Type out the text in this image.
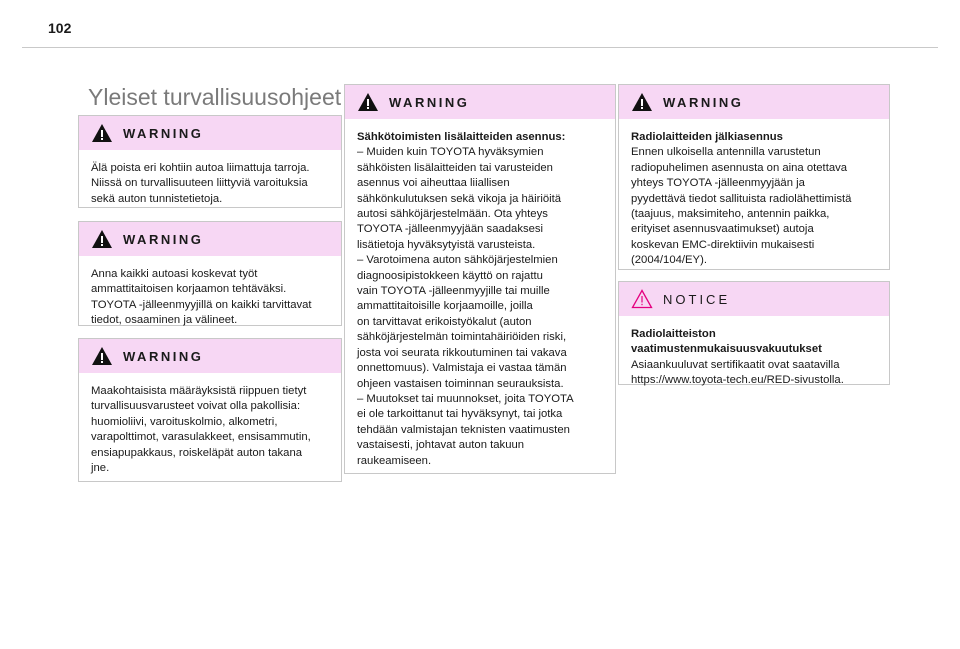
102
Yleiset turvallisuusohjeet
WARNING

Älä poista eri kohtiin autoa liimattuja tarroja.

Niissä on turvallisuuteen liittyviä varoituksia

sekä auton tunnistetietoja.

WARNING

Anna kaikki autoasi koskevat työt

ammattitaitoisen korjaamon tehtäväksi.

TOYOTA -jälleenmyyjillä on kaikki tarvittavat

tiedot, osaaminen ja välineet.

WARNING

Maakohtaisista määräyksistä riippuen tietyt

turvallisuusvarusteet voivat olla pakollisia:

huomioliivi, varoituskolmio, alkometri,

varapolttimot, varasulakkeet, ensisammutin,

ensiapupakkaus, roiskeläpät auton takana

jne.

WARNING

Sähkötoimisten lisälaitteiden asennus:

– Muiden kuin TOYOTA hyväksymien

sähköisten lisälaitteiden tai varusteiden

asennus voi aiheuttaa liiallisen

sähkönkulutuksen sekä vikoja ja häiriöitä

autosi sähköjärjestelmään. Ota yhteys

TOYOTA -jälleenmyyjään saadaksesi

lisätietoja hyväksytyistä varusteista.

– Varotoimena auton sähköjärjestelmien

diagnoosipistokkeen käyttö on rajattu

vain TOYOTA -jälleenmyyjille tai muille

ammattitaitoisille korjaamoille, joilla

on tarvittavat erikoistyökalut (auton

sähköjärjestelmän toimintahäiriöiden riski,

josta voi seurata rikkoutuminen tai vakava

onnettomuus). Valmistaja ei vastaa tämän

ohjeen vastaisen toiminnan seurauksista.

– Muutokset tai muunnokset, joita TOYOTA

ei ole tarkoittanut tai hyväksynyt, tai jotka

tehdään valmistajan teknisten vaatimusten

vastaisesti, johtavat auton takuun

raukeamiseen.

WARNING

Radiolaitteiden jälkiasennus

Ennen ulkoisella antennilla varustetun

radiopuhelimen asennusta on aina otettava

yhteys TOYOTA -jälleenmyyjään ja

pyydettävä tiedot sallituista radiolähettimistä

(taajuus, maksimiteho, antennin paikka,

erityiset asennusvaatimukset) autoja

koskevan EMC-direktiivin mukaisesti

(2004/104/EY).

NOTICE

Radiolaitteiston

vaatimustenmukaisuusvakuutukset

Asiaankuuluvat sertifikaatit ovat saatavilla

https://www.toyota-tech.eu/RED-sivustolla.
